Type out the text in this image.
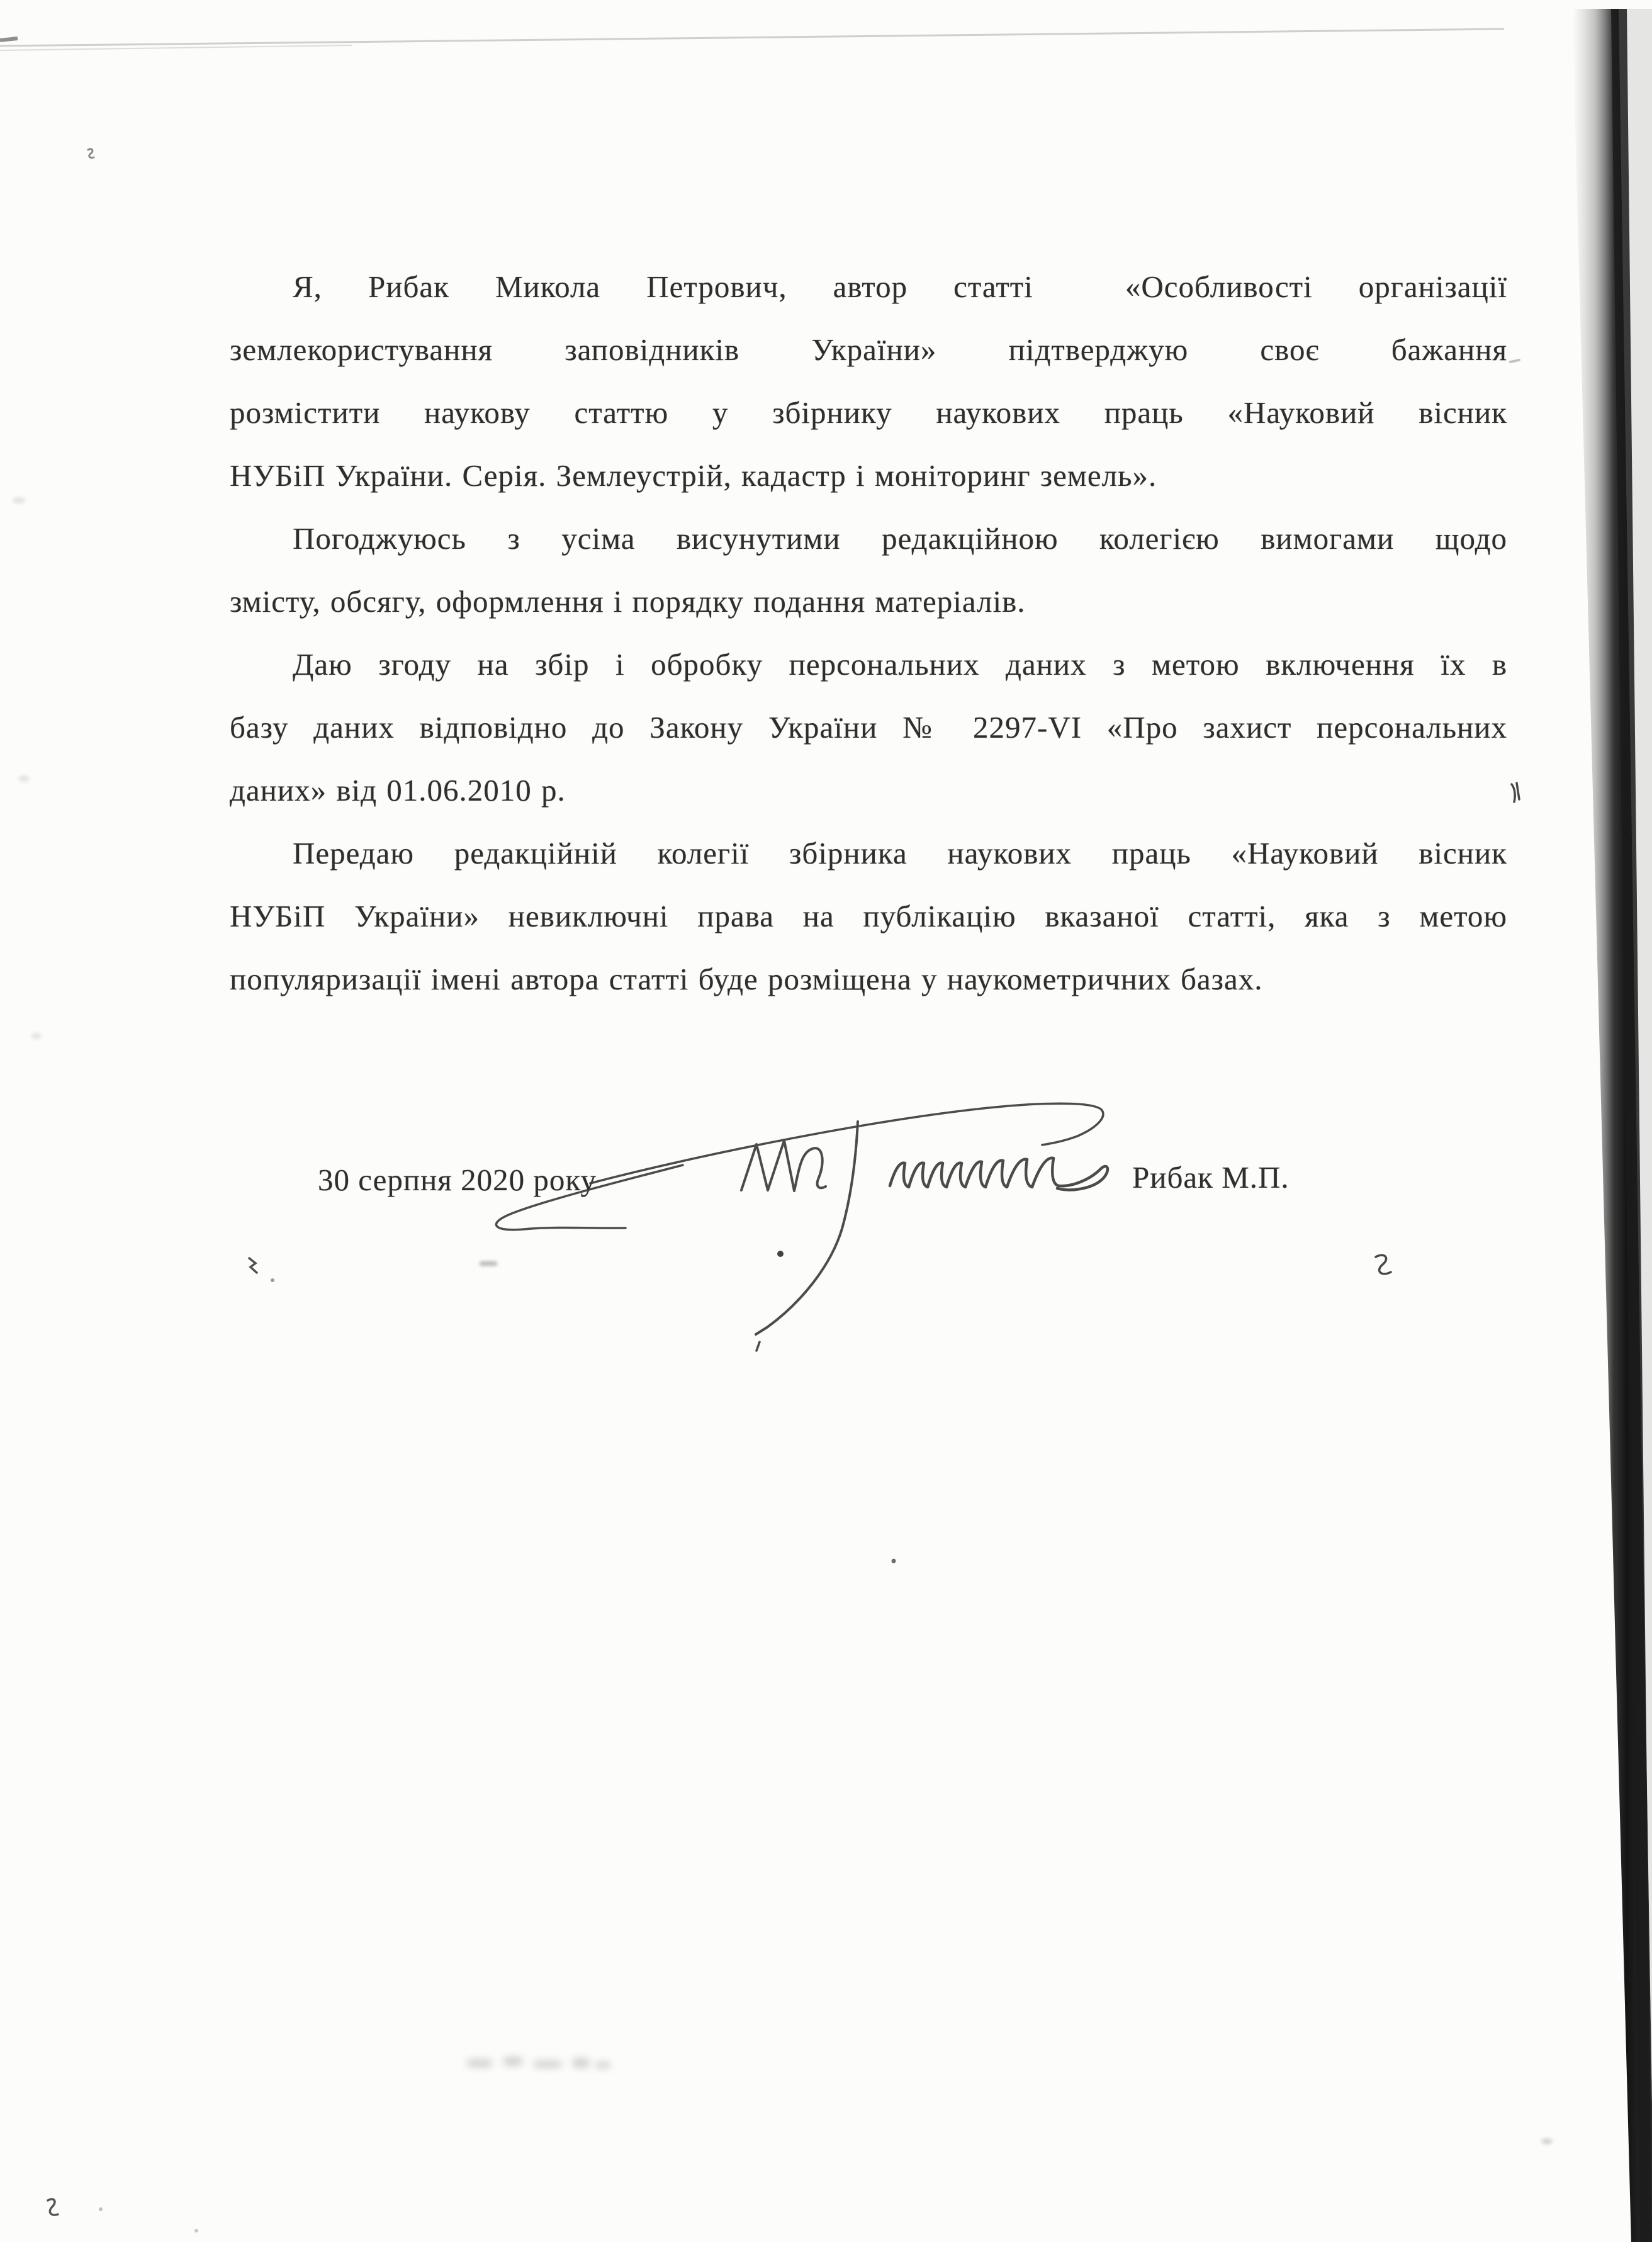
Я, Рибак Микола Петрович, автор статті  «Особливості організації
землекористування заповідників України» підтверджую своє бажання
розмістити наукову статтю у збірнику наукових праць «Науковий вісник
НУБіП України. Серія. Землеустрій, кадастр і моніторинг земель».
Погоджуюсь з усіма висунутими редакційною колегією вимогами щодо
змісту, обсягу, оформлення і порядку подання матеріалів.
Даю згоду на збір і обробку персональних даних з метою включення їх в
базу даних відповідно до Закону України № 2297-VI «Про захист персональних
даних» від 01.06.2010 р.
Передаю редакційній колегії збірника наукових праць «Науковий вісник
НУБіП України» невиключні права на публікацію вказаної статті, яка з метою
популяризації імені автора статті буде розміщена у наукометричних базах.
30 серпня 2020 року	Рибак М.П.
